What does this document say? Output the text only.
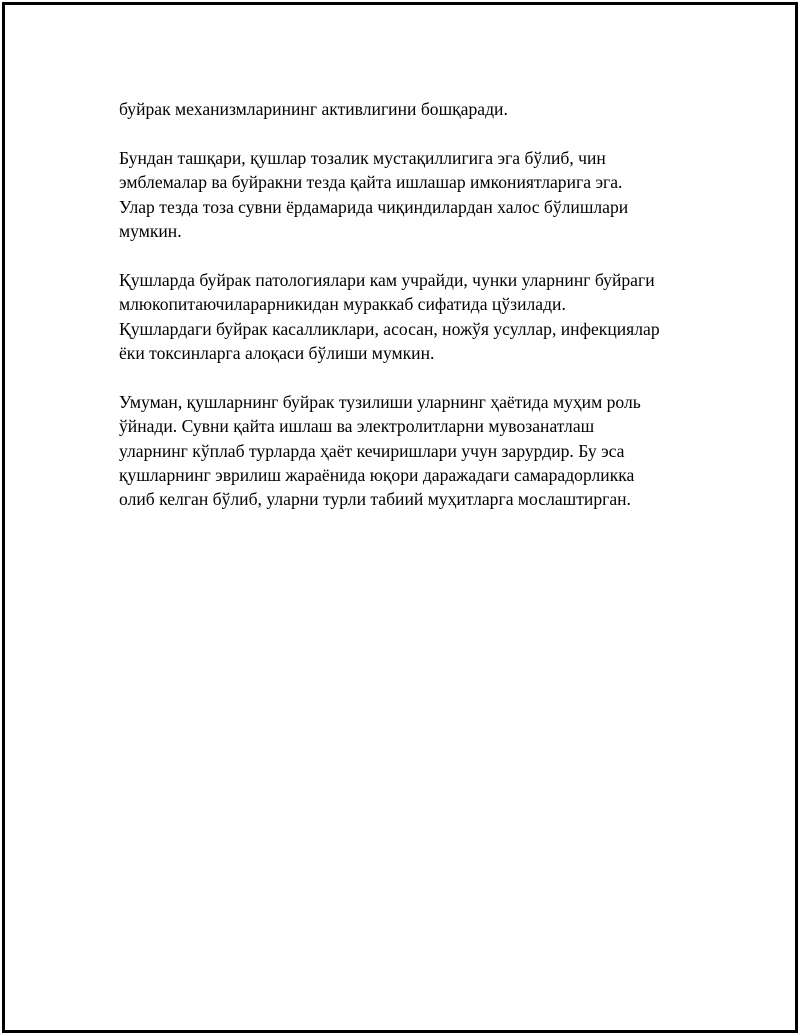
буйрак механизмларининг активлигини бошқаради.

Бундан ташқари, қушлар тозалик мустақиллигига эга бўлиб, чин
эмблемалар ва буйракни тезда қайта ишлашар имкониятларига эга.
Улар тезда тоза сувни ёрдамарида чиқиндилардан халос бўлишлари
мумкин.

Қушларда буйрак патологиялари кам учрайди, чунки уларнинг буйраги
млюкопитаючиларарникидан мураккаб сифатида цўзилади.
Қушлардаги буйрак касалликлари, асосан, ножўя усуллар, инфекциялар
ёки токсинларга алоқаси бўлиши мумкин.

Умуман, қушларнинг буйрак тузилиши уларнинг ҳаётида муҳим роль
ўйнади. Сувни қайта ишлаш ва электролитларни мувозанатлаш
уларнинг кўплаб турларда ҳаёт кечиришлари учун зарурдир. Бу эса
қушларнинг эврилиш жараёнида юқори даражадаги самарадорликка
олиб келган бўлиб, уларни турли табиий муҳитларга мослаштирган.
